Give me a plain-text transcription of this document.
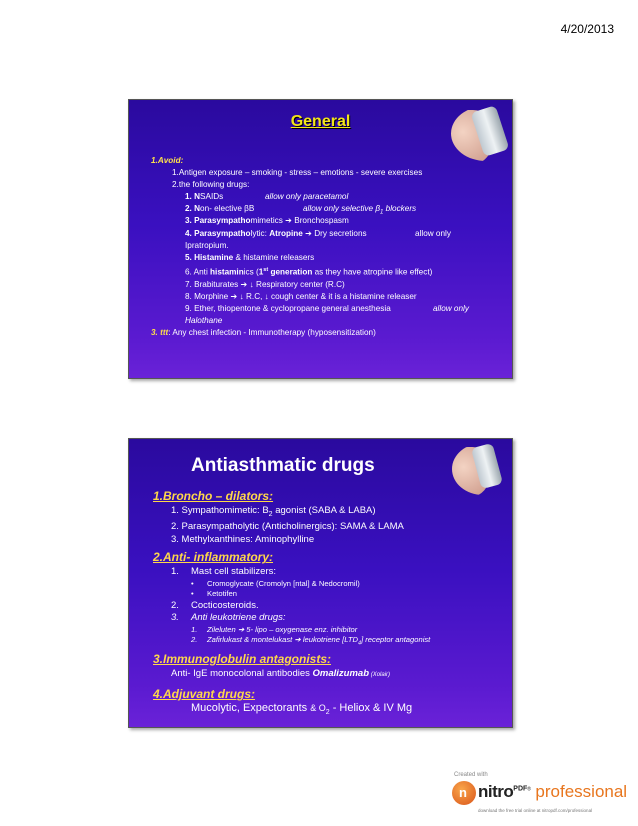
4/20/2013
General
1.Avoid:
1.Antigen exposure – smoking - stress – emotions - severe exercises
2.the following drugs:
1. NSAIDs	allow only paracetamol
2. Non- elective βB	allow only selective $\beta_1$ blockers
3. Parasympathomimetics ➔ Bronchospasm
4. Parasympatholytic: Atropine ➔ Dry secretions	allow only
Ipratropium.
5. Histamine & histamine releasers
6. Anti histaminics (1st generation as they have atropine like effect)
7. Brabiturates ➔ ↓ Respiratory center (R.C)
8. Morphine ➔ ↓ R.C, ↓ cough center & it is a histamine releaser
9. Ether, thiopentone & cyclopropane general anesthesia	allow only
Halothane
3. ttt: Any chest infection - Immunotherapy (hyposensitization)
Antiasthmatic drugs
1.Broncho – dilators:
1. Sympathomimetic: $B_2$ agonist (SABA & LABA)
2. Parasympatholytic (Anticholinergics): SAMA & LAMA
3. Methylxanthines: Aminophylline
2.Anti- inflammatory:
1. Mast cell stabilizers:
• Cromoglycate (Cromolyn [ntal] & Nedocromil)
• Ketotifen
2. Cocticosteroids.
3. Anti leukotriene drugs:
1. Zileluten ➔ 5- lipo – oxygenase enz. inhibitor
2. Zafirlukast & montelukast ➔ leukotriene $[LTD_4]$ receptor antagonist
3.Immunoglobulin antagonists:
Anti- IgE monocolonal antibodies Omalizumab (Xolair)
4.Adjuvant drugs:
Mucolytic, Expectorants & $O_2$ - Heliox & IV Mg
Created with
n nitro$^{PDF®}$ professional
download the free trial online at nitropdf.com/professional
